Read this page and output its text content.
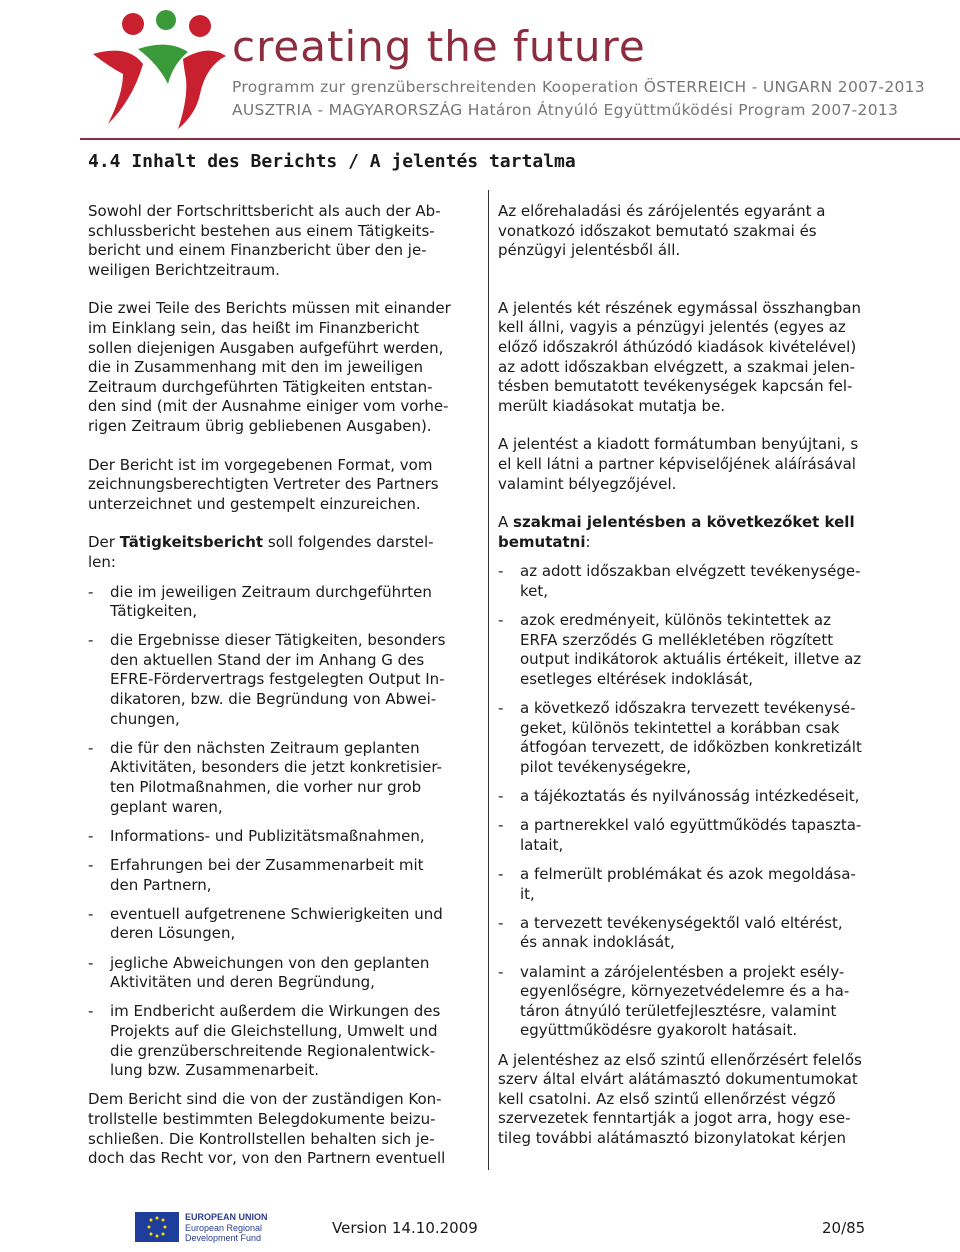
creating the future
Programm zur grenzüberschreitenden Kooperation ÖSTERREICH - UNGARN 2007-2013
AUSZTRIA - MAGYARORSZÁG Határon Átnyúló Együttműködési Program 2007-2013
4.4 Inhalt des Berichts / A jelentés tartalma

Sowohl der Fortschrittsbericht als auch der Ab-
schlussbericht bestehen aus einem Tätigkeits-
bericht und einem Finanzbericht über den je-
weiligen Berichtzeitraum.

Die zwei Teile des Berichts müssen mit einander
im Einklang sein, das heißt im Finanzbericht
sollen diejenigen Ausgaben aufgeführt werden,
die in Zusammenhang mit den im jeweiligen
Zeitraum durchgeführten Tätigkeiten entstan-
den sind (mit der Ausnahme einiger vom vorhe-
rigen Zeitraum übrig gebliebenen Ausgaben).

Der Bericht ist im vorgegebenen Format, vom
zeichnungsberechtigten Vertreter des Partners
unterzeichnet und gestempelt einzureichen.

Der Tätigkeitsbericht soll folgendes darstel-
len:

-	die im jeweiligen Zeitraum durchgeführten
Tätigkeiten,
-	die Ergebnisse dieser Tätigkeiten, besonders
den aktuellen Stand der im Anhang G des
EFRE-Fördervertrags festgelegten Output In-
dikatoren, bzw. die Begründung von Abwei-
chungen,
-	die für den nächsten Zeitraum geplanten
Aktivitäten, besonders die jetzt konkretisier-
ten Pilotmaßnahmen, die vorher nur grob
geplant waren,
-	Informations- und Publizitätsmaßnahmen,
-	Erfahrungen bei der Zusammenarbeit mit
den Partnern,
-	eventuell aufgetrenene Schwierigkeiten und
deren Lösungen,
-	jegliche Abweichungen von den geplanten
Aktivitäten und deren Begründung,
-	im Endbericht außerdem die Wirkungen des
Projekts auf die Gleichstellung, Umwelt und
die grenzüberschreitende Regionalentwick-
lung bzw. Zusammenarbeit.

Dem Bericht sind die von der zuständigen Kon-
trollstelle bestimmten Belegdokumente beizu-
schließen. Die Kontrollstellen behalten sich je-
doch das Recht vor, von den Partnern eventuell

Az előrehaladási és zárójelentés egyaránt a
vonatkozó időszakot bemutató szakmai és
pénzügyi jelentésből áll.

A jelentés két részének egymással összhangban
kell állni, vagyis a pénzügyi jelentés (egyes az
előző időszakról áthúzódó kiadások kivételével)
az adott időszakban elvégzett, a szakmai jelen-
tésben bemutatott tevékenységek kapcsán fel-
merült kiadásokat mutatja be.

A jelentést a kiadott formátumban benyújtani, s
el kell látni a partner képviselőjének aláírásával
valamint bélyegzőjével.

A szakmai jelentésben a következőket kell
bemutatni:

-	az adott időszakban elvégzett tevékenysége-
ket,
-	azok eredményeit, különös tekintettek az
ERFA szerződés G mellékletében rögzített
output indikátorok aktuális értékeit, illetve az
esetleges eltérések indoklását,
-	a következő időszakra tervezett tevékenysé-
geket, különös tekintettel a korábban csak
átfogóan tervezett, de időközben konkretizált
pilot tevékenységekre,
-	a tájékoztatás és nyilvánosság intézkedéseit,
-	a partnerekkel való együttműködés tapaszta-
latait,
-	a felmerült problémákat és azok megoldása-
it,
-	a tervezett tevékenységektől való eltérést,
és annak indoklását,
-	valamint a zárójelentésben a projekt esély-
egyenlőségre, környezetvédelemre és a ha-
táron átnyúló területfejlesztésre, valamint
együttműködésre gyakorolt hatásait.

A jelentéshez az első szintű ellenőrzésért felelős
szerv által elvárt alátámasztó dokumentumokat
kell csatolni. Az első szintű ellenőrzést végző
szervezetek fenntartják a jogot arra, hogy ese-
tileg további alátámasztó bizonylatokat kérjen

EUROPEAN UNION
European Regional
Development Fund
Version 14.10.2009	20/85
